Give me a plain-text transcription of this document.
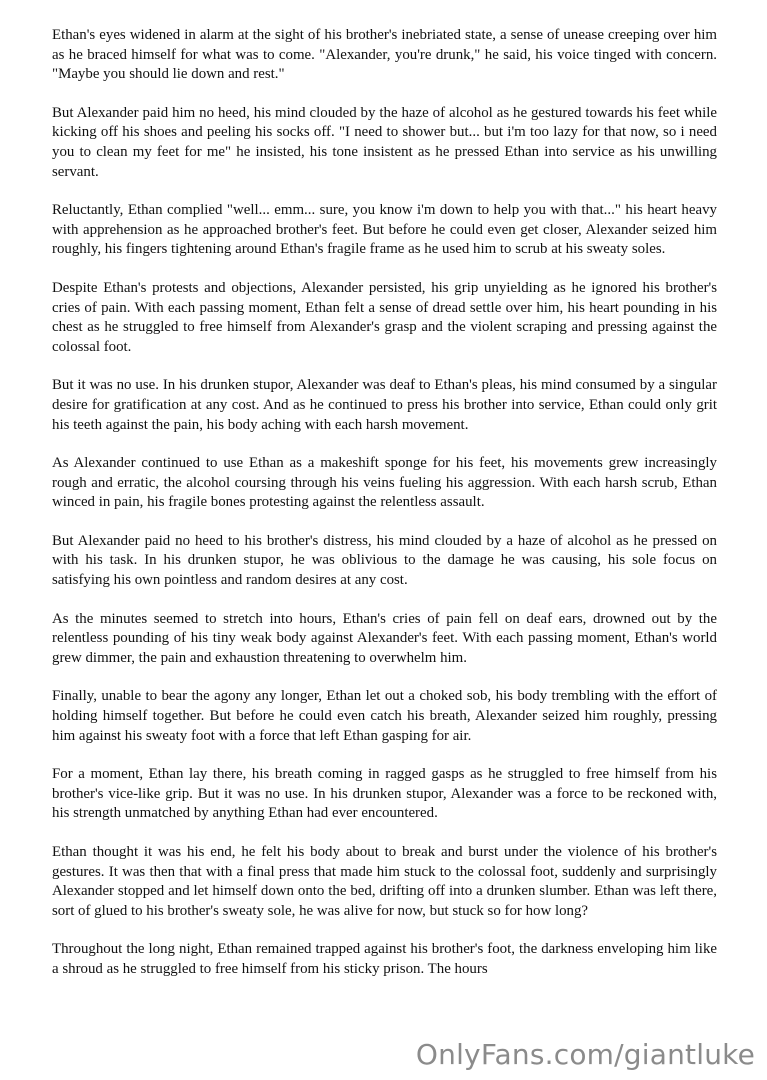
Ethan's eyes widened in alarm at the sight of his brother's inebriated state, a sense of unease creeping over him as he braced himself for what was to come. "Alexander, you're drunk," he said, his voice tinged with concern. "Maybe you should lie down and rest."

But Alexander paid him no heed, his mind clouded by the haze of alcohol as he gestured towards his feet while kicking off his shoes and peeling his socks off. "I need to shower but... but i'm too lazy for that now, so i need you to clean my feet for me" he insisted, his tone insistent as he pressed Ethan into service as his unwilling servant.

Reluctantly, Ethan complied "well... emm... sure, you know i'm down to help you with that..." his heart heavy with apprehension as he approached brother's feet. But before he could even get closer, Alexander seized him roughly, his fingers tightening around Ethan's fragile frame as he used him to scrub at his sweaty soles.

Despite Ethan's protests and objections, Alexander persisted, his grip unyielding as he ignored his brother's cries of pain. With each passing moment, Ethan felt a sense of dread settle over him, his heart pounding in his chest as he struggled to free himself from Alexander's grasp and the violent scraping and pressing against the colossal foot.

But it was no use. In his drunken stupor, Alexander was deaf to Ethan's pleas, his mind consumed by a singular desire for gratification at any cost. And as he continued to press his brother into service, Ethan could only grit his teeth against the pain, his body aching with each harsh movement.

As Alexander continued to use Ethan as a makeshift sponge for his feet, his movements grew increasingly rough and erratic, the alcohol coursing through his veins fueling his aggression. With each harsh scrub, Ethan winced in pain, his fragile bones protesting against the relentless assault.

But Alexander paid no heed to his brother's distress, his mind clouded by a haze of alcohol as he pressed on with his task. In his drunken stupor, he was oblivious to the damage he was causing, his sole focus on satisfying his own pointless and random desires at any cost.

As the minutes seemed to stretch into hours, Ethan's cries of pain fell on deaf ears, drowned out by the relentless pounding of his tiny weak body against Alexander's feet. With each passing moment, Ethan's world grew dimmer, the pain and exhaustion threatening to overwhelm him.

Finally, unable to bear the agony any longer, Ethan let out a choked sob, his body trembling with the effort of holding himself together. But before he could even catch his breath, Alexander seized him roughly, pressing him against his sweaty foot with a force that left Ethan gasping for air.

For a moment, Ethan lay there, his breath coming in ragged gasps as he struggled to free himself from his brother's vice-like grip. But it was no use. In his drunken stupor, Alexander was a force to be reckoned with, his strength unmatched by anything Ethan had ever encountered.

Ethan thought it was his end, he felt his body about to break and burst under the violence of his brother's gestures. It was then that with a final press that made him stuck to the colossal foot, suddenly and surprisingly Alexander stopped and let himself down onto the bed, drifting off into a drunken slumber. Ethan was left there, sort of glued to his brother's sweaty sole, he was alive for now, but stuck so for how long?

Throughout the long night, Ethan remained trapped against his brother's foot, the darkness enveloping him like a shroud as he struggled to free himself from his sticky prison. The hours

OnlyFans.com/giantluke
